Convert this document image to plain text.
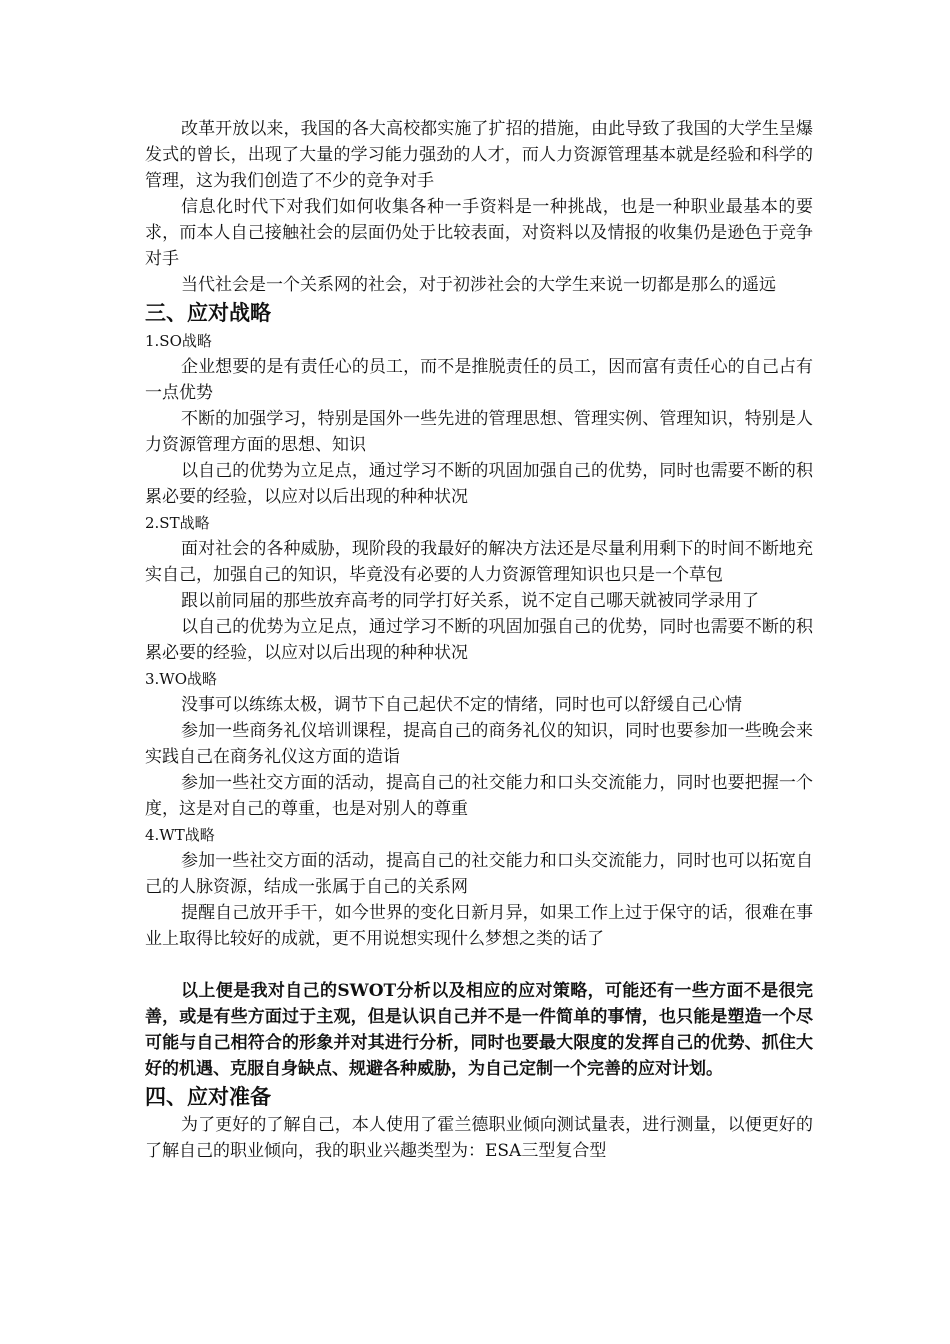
改革开放以来，我国的各大高校都实施了扩招的措施，由此导致了我国的大学生呈爆发式的曾长，出现了大量的学习能力强劲的人才，而人力资源管理基本就是经验和科学的管理，这为我们创造了不少的竞争对手

信息化时代下对我们如何收集各种一手资料是一种挑战，也是一种职业最基本的要求，而本人自己接触社会的层面仍处于比较表面，对资料以及情报的收集仍是逊色于竞争对手

当代社会是一个关系网的社会，对于初涉社会的大学生来说一切都是那么的遥远

三、应对战略
1.SO战略

企业想要的是有责任心的员工，而不是推脱责任的员工，因而富有责任心的自己占有一点优势

不断的加强学习，特别是国外一些先进的管理思想、管理实例、管理知识，特别是人力资源管理方面的思想、知识

以自己的优势为立足点，通过学习不断的巩固加强自己的优势，同时也需要不断的积累必要的经验，以应对以后出现的种种状况

2.ST战略

面对社会的各种威胁，现阶段的我最好的解决方法还是尽量利用剩下的时间不断地充实自己，加强自己的知识，毕竟没有必要的人力资源管理知识也只是一个草包

跟以前同届的那些放弃高考的同学打好关系，说不定自己哪天就被同学录用了

以自己的优势为立足点，通过学习不断的巩固加强自己的优势，同时也需要不断的积累必要的经验，以应对以后出现的种种状况

3.WO战略

没事可以练练太极，调节下自己起伏不定的情绪，同时也可以舒缓自己心情

参加一些商务礼仪培训课程，提高自己的商务礼仪的知识，同时也要参加一些晚会来实践自己在商务礼仪这方面的造诣

参加一些社交方面的活动，提高自己的社交能力和口头交流能力，同时也要把握一个度，这是对自己的尊重，也是对别人的尊重

4.WT战略

参加一些社交方面的活动，提高自己的社交能力和口头交流能力，同时也可以拓宽自己的人脉资源，结成一张属于自己的关系网

提醒自己放开手干，如今世界的变化日新月异，如果工作上过于保守的话，很难在事业上取得比较好的成就，更不用说想实现什么梦想之类的话了

以上便是我对自己的SWOT分析以及相应的应对策略，可能还有一些方面不是很完善，或是有些方面过于主观，但是认识自己并不是一件简单的事情，也只能是塑造一个尽可能与自己相符合的形象并对其进行分析，同时也要最大限度的发挥自己的优势、抓住大好的机遇、克服自身缺点、规避各种威胁，为自己定制一个完善的应对计划。

四、应对准备

为了更好的了解自己，本人使用了霍兰德职业倾向测试量表，进行测量，以便更好的了解自己的职业倾向，我的职业兴趣类型为：ESA三型复合型
